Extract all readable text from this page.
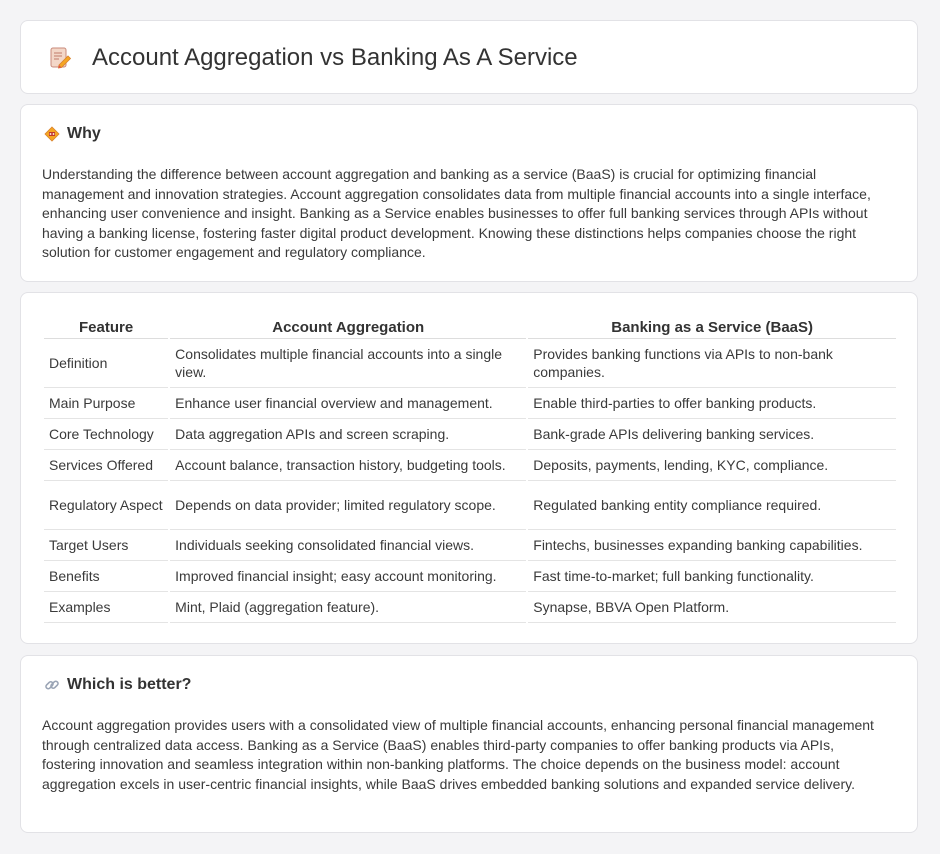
Account Aggregation vs Banking As A Service
Why

Understanding the difference between account aggregation and banking as a service (BaaS) is crucial for optimizing financial management and innovation strategies. Account aggregation consolidates data from multiple financial accounts into a single interface, enhancing user convenience and insight. Banking as a Service enables businesses to offer full banking services through APIs without having a banking license, fostering faster digital product development. Knowing these distinctions helps companies choose the right solution for customer engagement and regulatory compliance.

Feature	Account Aggregation	Banking as a Service (BaaS)
Definition	Consolidates multiple financial accounts into a single view.	Provides banking functions via APIs to non-bank companies.
Main Purpose	Enhance user financial overview and management.	Enable third-parties to offer banking products.
Core Technology	Data aggregation APIs and screen scraping.	Bank-grade APIs delivering banking services.
Services Offered	Account balance, transaction history, budgeting tools.	Deposits, payments, lending, KYC, compliance.
Regulatory Aspect	Depends on data provider; limited regulatory scope.	Regulated banking entity compliance required.
Target Users	Individuals seeking consolidated financial views.	Fintechs, businesses expanding banking capabilities.
Benefits	Improved financial insight; easy account monitoring.	Fast time-to-market; full banking functionality.
Examples	Mint, Plaid (aggregation feature).	Synapse, BBVA Open Platform.
Which is better?

Account aggregation provides users with a consolidated view of multiple financial accounts, enhancing personal financial management through centralized data access. Banking as a Service (BaaS) enables third-party companies to offer banking products via APIs, fostering innovation and seamless integration within non-banking platforms. The choice depends on the business model: account aggregation excels in user-centric financial insights, while BaaS drives embedded banking solutions and expanded service delivery.
